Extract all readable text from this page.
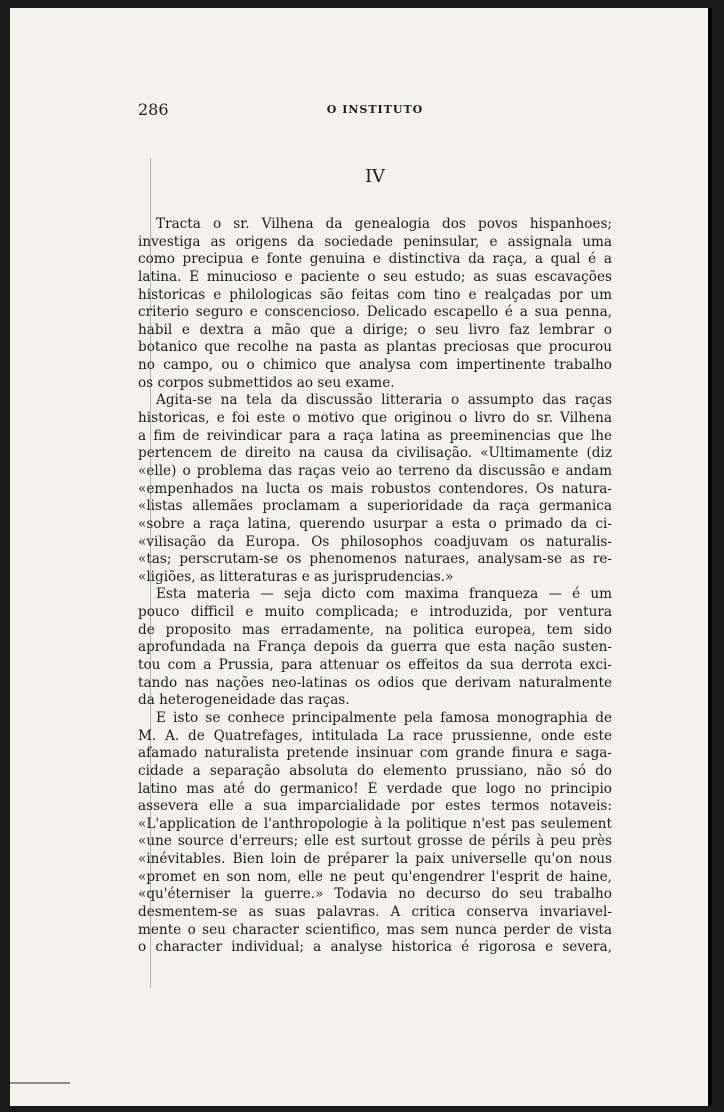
286	O INSTITUTO
IV
Tracta o sr. Vilhena da genealogia dos povos hispanhoes;
investiga as origens da sociedade peninsular, e assignala uma
como precipua e fonte genuina e distinctiva da raça, a qual é a
latina. É minucioso e paciente o seu estudo; as suas escavações
historicas e philologicas são feitas com tino e realçadas por um
criterio seguro e conscencioso. Delicado escapello é a sua penna,
habil e dextra a mão que a dirige; o seu livro faz lembrar o
botanico que recolhe na pasta as plantas preciosas que procurou
no campo, ou o chimico que analysa com impertinente trabalho
os corpos submettidos ao seu exame.
Agita-se na tela da discussão litteraria o assumpto das raças
historicas, e foi este o motivo que originou o livro do sr. Vilhena
a fim de reivindicar para a raça latina as preeminencias que lhe
pertencem de direito na causa da civilisação. «Ultimamente (diz
«elle) o problema das raças veio ao terreno da discussão e andam
«empenhados na lucta os mais robustos contendores. Os natura-
«listas allemães proclamam a superioridade da raça germanica
«sobre a raça latina, querendo usurpar a esta o primado da ci-
«vilisação da Europa. Os philosophos coadjuvam os naturalis-
«tas; perscrutam-se os phenomenos naturaes, analysam-se as re-
«ligiões, as litteraturas e as jurisprudencias.»
Esta materia — seja dicto com maxima franqueza — é um
pouco difficil e muito complicada; e introduzida, por ventura
de proposito mas erradamente, na politica europea, tem sido
aprofundada na França depois da guerra que esta nação susten-
tou com a Prussia, para attenuar os effeitos da sua derrota exci-
tando nas nações neo-latinas os odios que derivam naturalmente
da heterogeneidade das raças.
E isto se conhece principalmente pela famosa monographia de
M. A. de Quatrefages, intitulada La race prussienne, onde este
afamado naturalista pretende insinuar com grande finura e saga-
cidade a separação absoluta do elemento prussiano, não só do
latino mas até do germanico! É verdade que logo no principio
assevera elle a sua imparcialidade por estes termos notaveis:
«L'application de l'anthropologie à la politique n'est pas seulement
«une source d'erreurs; elle est surtout grosse de périls à peu près
«inévitables. Bien loin de préparer la paix universelle qu'on nous
«promet en son nom, elle ne peut qu'engendrer l'esprit de haine,
«qu'éterniser la guerre.» Todavia no decurso do seu trabalho
desmentem-se as suas palavras. A critica conserva invariavel-
mente o seu character scientifico, mas sem nunca perder de vista
o character individual; a analyse historica é rigorosa e severa,
